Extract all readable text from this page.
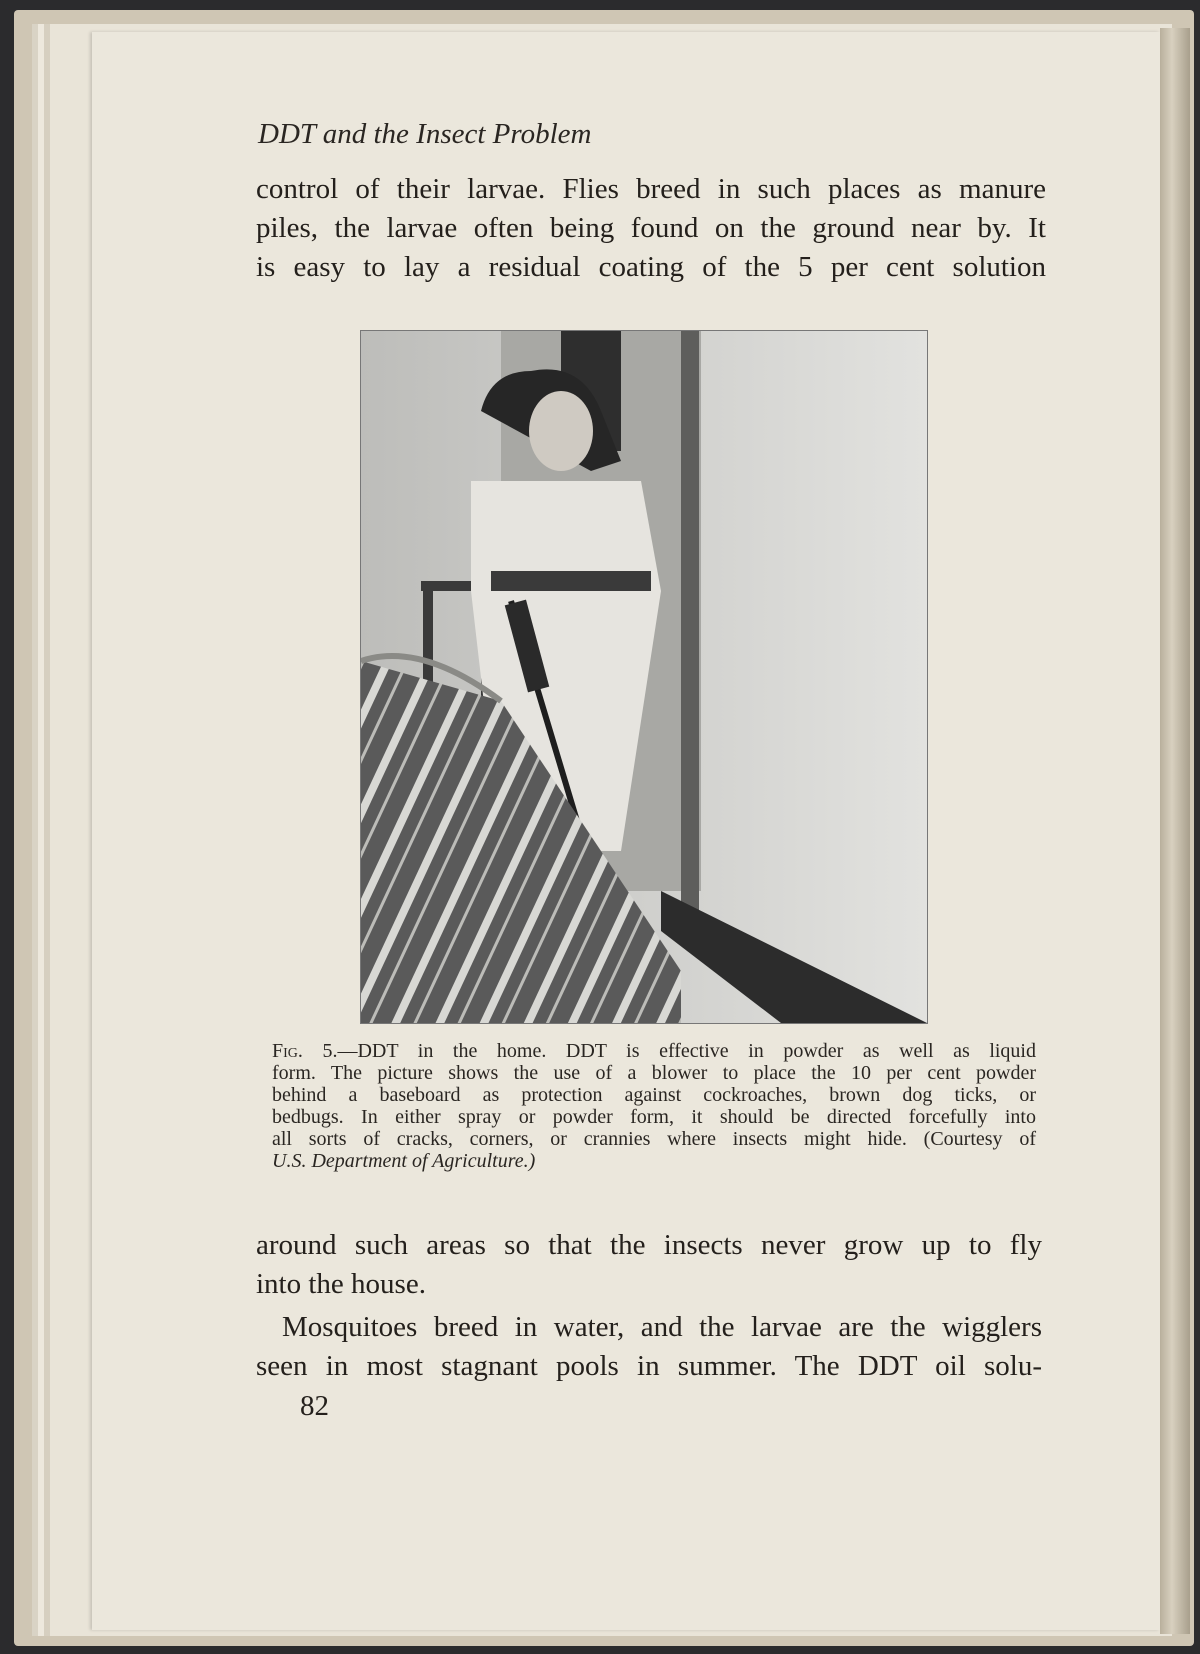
DDT and the Insect Problem
control of their larvae. Flies breed in such places as manure
piles, the larvae often being found on the ground near by. It
is easy to lay a residual coating of the 5 per cent solution
Fig. 5.—DDT in the home. DDT is effective in powder as well as liquid
form. The picture shows the use of a blower to place the 10 per cent powder
behind a baseboard as protection against cockroaches, brown dog ticks, or
bedbugs. In either spray or powder form, it should be directed forcefully into
all sorts of cracks, corners, or crannies where insects might hide. (Courtesy of
U.S. Department of Agriculture.)
around such areas so that the insects never grow up to fly
into the house.
Mosquitoes breed in water, and the larvae are the wigglers
seen in most stagnant pools in summer. The DDT oil solu-
82
